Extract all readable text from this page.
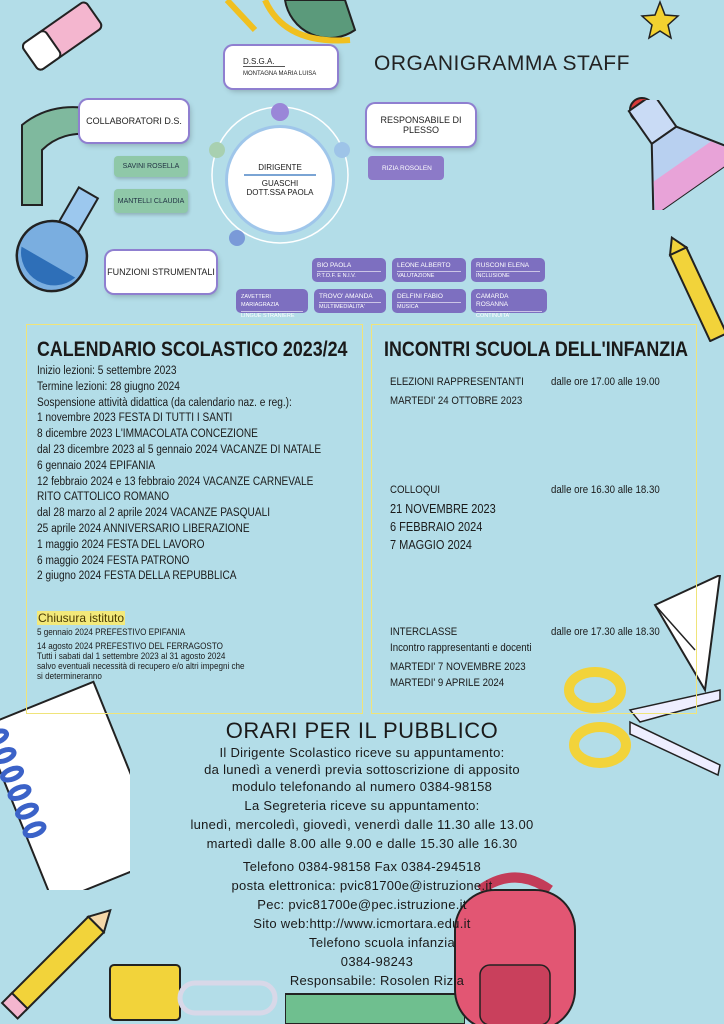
ORGANIGRAMMA STAFF
DIRIGENTE
GUASCHI
DOTT.SSA PAOLA
D.S.G.A.
MONTAGNA MARIA LUISA
COLLABORATORI D.S.
SAVINI ROSELLA
MANTELLI CLAUDIA
RESPONSABILE DI PLESSO
RIZIA ROSOLEN
FUNZIONI STRUMENTALI
BIO PAOLA
P.T.O.F. E N.I.V.
LEONE ALBERTO
VALUTAZIONE
RUSCONI ELENA
INCLUSIONE
ZAVETTERI MARIAGRAZIA
LINGUE STRANIERE
TROVO' AMANDA
MULTIMEDIALITA'
DELFINI FABIO
MUSICA
CAMARDA ROSANNA
CONTINUITA'
CALENDARIO SCOLASTICO 2023/24
Inizio lezioni: 5 settembre 2023
Termine lezioni: 28 giugno 2024
Sospensione attività didattica (da calendario naz. e reg.):
1 novembre 2023 FESTA DI TUTTI I SANTI
8 dicembre 2023 L'IMMACOLATA CONCEZIONE
dal 23 dicembre 2023 al 5 gennaio 2024 VACANZE DI NATALE
6 gennaio 2024 EPIFANIA
12 febbraio 2024 e 13 febbraio 2024 VACANZE CARNEVALE
RITO CATTOLICO ROMANO
dal 28 marzo al 2 aprile 2024 VACANZE PASQUALI
25 aprile 2024 ANNIVERSARIO LIBERAZIONE
1 maggio 2024 FESTA DEL LAVORO
6 maggio 2024 FESTA PATRONO
2 giugno 2024 FESTA DELLA REPUBBLICA
Chiusura istituto
5 gennaio 2024 PREFESTIVO EPIFANIA
14 agosto 2024 PREFESTIVO DEL FERRAGOSTO
Tutti i sabati dal 1 settembre 2023 al 31 agosto 2024
salvo eventuali necessità di recupero e/o altri impegni che
si determineranno
INCONTRI SCUOLA DELL'INFANZIA
ELEZIONI RAPPRESENTANTI dalle ore 17.00 alle 19.00
MARTEDI' 24 OTTOBRE 2023
COLLOQUI	dalle ore 16.30 alle 18.30
21 NOVEMBRE 2023
6 FEBBRAIO 2024
7 MAGGIO 2024
INTERCLASSE	dalle ore 17.30 alle 18.30
Incontro rappresentanti e docenti
MARTEDI' 7 NOVEMBRE 2023
MARTEDI' 9 APRILE 2024
ORARI PER IL PUBBLICO
Il Dirigente Scolastico riceve su appuntamento:
da lunedì a venerdì previa sottoscrizione di apposito
modulo telefonando al numero 0384-98158
La Segreteria riceve su appuntamento:
lunedì, mercoledì, giovedì, venerdì dalle 11.30 alle 13.00
martedì dalle 8.00 alle 9.00 e dalle 15.30 alle 16.30
Telefono 0384-98158 Fax 0384-294518
posta elettronica: pvic81700e@istruzione.it
Pec: pvic81700e@pec.istruzione.it
Sito web:http://www.icmortara.edu.it
Telefono scuola infanzia
0384-98243
Responsabile: Rosolen Rizia
